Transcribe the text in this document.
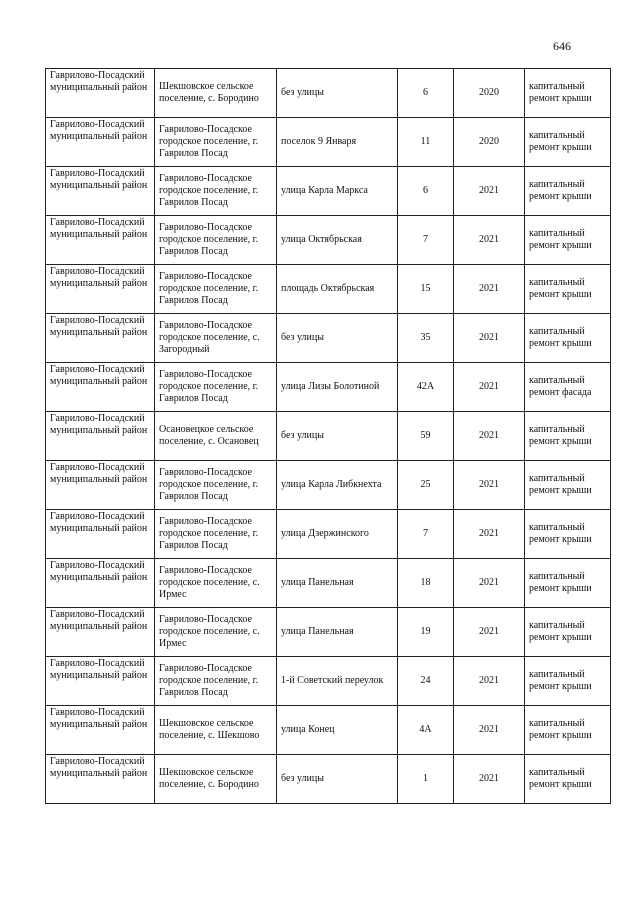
646
Гаврилово-Посадский муниципальный район	Шекшовское сельское поселение, с. Бородино	без улицы	6	2020	капитальный ремонт крыши
Гаврилово-Посадский муниципальный район	Гаврилово-Посадское городское поселение, г. Гаврилов Посад	поселок 9 Января	11	2020	капитальный ремонт крыши
Гаврилово-Посадский муниципальный район	Гаврилово-Посадское городское поселение, г. Гаврилов Посад	улица Карла Маркса	6	2021	капитальный ремонт крыши
Гаврилово-Посадский муниципальный район	Гаврилово-Посадское городское поселение, г. Гаврилов Посад	улица Октябрьская	7	2021	капитальный ремонт крыши
Гаврилово-Посадский муниципальный район	Гаврилово-Посадское городское поселение, г. Гаврилов Посад	площадь Октябрьская	15	2021	капитальный ремонт крыши
Гаврилово-Посадский муниципальный район	Гаврилово-Посадское городское поселение, с. Загородный	без улицы	35	2021	капитальный ремонт крыши
Гаврилово-Посадский муниципальный район	Гаврилово-Посадское городское поселение, г. Гаврилов Посад	улица Лизы Болотиной	42А	2021	капитальный ремонт фасада
Гаврилово-Посадский муниципальный район	Осановецкое сельское поселение, с. Осановец	без улицы	59	2021	капитальный ремонт крыши
Гаврилово-Посадский муниципальный район	Гаврилово-Посадское городское поселение, г. Гаврилов Посад	улица Карла Либкнехта	25	2021	капитальный ремонт крыши
Гаврилово-Посадский муниципальный район	Гаврилово-Посадское городское поселение, г. Гаврилов Посад	улица Дзержинского	7	2021	капитальный ремонт крыши
Гаврилово-Посадский муниципальный район	Гаврилово-Посадское городское поселение, с. Ирмес	улица Панельная	18	2021	капитальный ремонт крыши
Гаврилово-Посадский муниципальный район	Гаврилово-Посадское городское поселение, с. Ирмес	улица Панельная	19	2021	капитальный ремонт крыши
Гаврилово-Посадский муниципальный район	Гаврилово-Посадское городское поселение, г. Гаврилов Посад	1-й Советский переулок	24	2021	капитальный ремонт крыши
Гаврилово-Посадский муниципальный район	Шекшовское сельское поселение, с. Шекшово	улица Конец	4А	2021	капитальный ремонт крыши
Гаврилово-Посадский муниципальный район	Шекшовское сельское поселение, с. Бородино	без улицы	1	2021	капитальный ремонт крыши
